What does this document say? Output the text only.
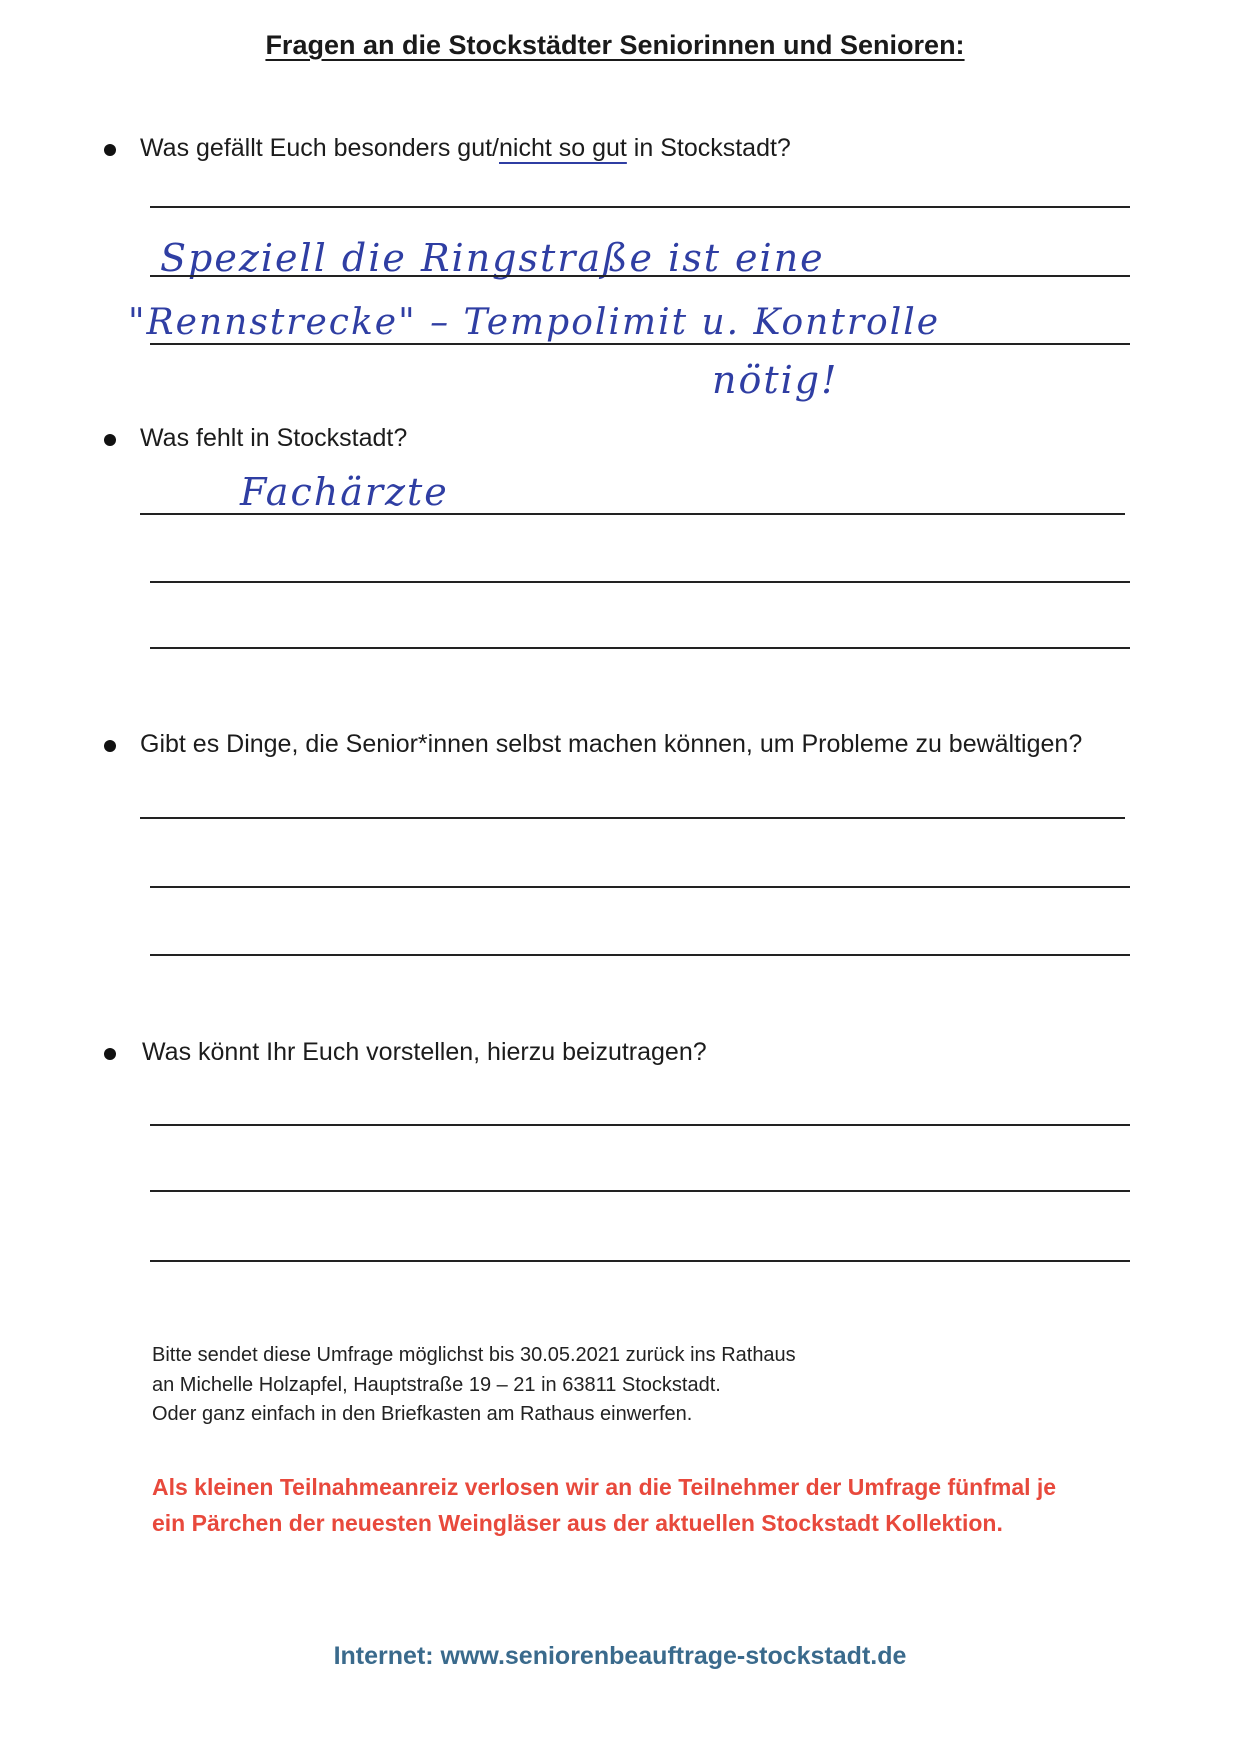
Fragen an die Stockstädter Seniorinnen und Senioren:
Was gefällt Euch besonders gut/nicht so gut in Stockstadt?
Speziell die Ringstraße ist eine
"Rennstrecke" – Tempolimit u. Kontrolle
nötig!
Was fehlt in Stockstadt?
Fachärzte
Gibt es Dinge, die Senior*innen selbst machen können, um Probleme zu bewältigen?
Was könnt Ihr Euch vorstellen, hierzu beizutragen?
Bitte sendet diese Umfrage möglichst bis 30.05.2021 zurück ins Rathaus
an Michelle Holzapfel, Hauptstraße 19 – 21 in 63811 Stockstadt.
Oder ganz einfach in den Briefkasten am Rathaus einwerfen.
Als kleinen Teilnahmeanreiz verlosen wir an die Teilnehmer der Umfrage fünfmal je
ein Pärchen der neuesten Weingläser aus der aktuellen Stockstadt Kollektion.
Internet: www.seniorenbeauftrage-stockstadt.de
